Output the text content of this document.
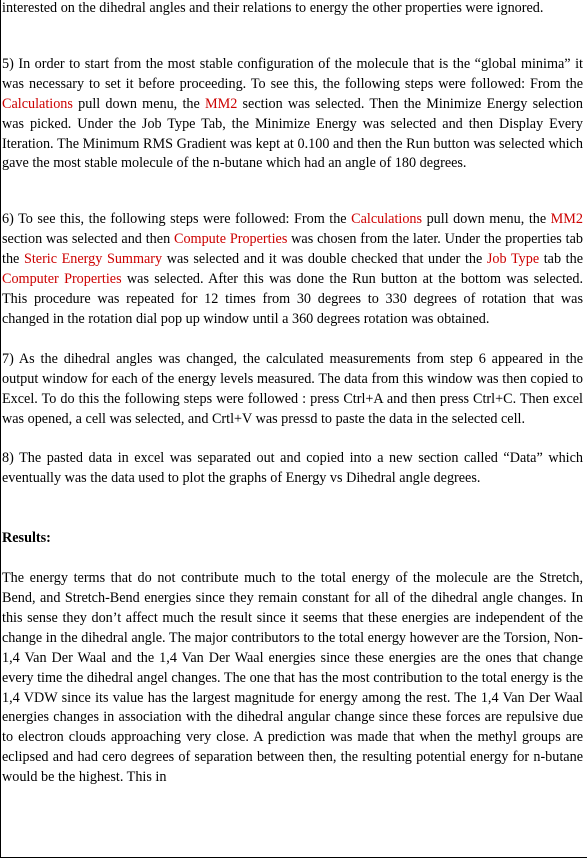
interested on the dihedral angles and their relations to energy the other properties were ignored.

5) In order to start from the most stable configuration of the molecule that is the “global minima” it was necessary to set it before proceeding. To see this, the following steps were followed: From the Calculations pull down menu, the MM2 section was selected. Then the Minimize Energy selection was picked. Under the Job Type Tab, the Minimize Energy was selected and then Display Every Iteration. The Minimum RMS Gradient was kept at 0.100 and then the Run button was selected which gave the most stable molecule of the n-butane which had an angle of 180 degrees.

6) To see this, the following steps were followed: From the Calculations pull down menu, the MM2 section was selected and then Compute Properties was chosen from the later. Under the properties tab the Steric Energy Summary was selected and it was double checked that under the Job Type tab the Computer Properties was selected. After this was done the Run button at the bottom was selected. This procedure was repeated for 12 times from 30 degrees to 330 degrees of rotation that was changed in the rotation dial pop up window until a 360 degrees rotation was obtained.

7) As the dihedral angles was changed, the calculated measurements from step 6 appeared in the output window for each of the energy levels measured. The data from this window was then copied to Excel. To do this the following steps were followed : press Ctrl+A and then press Ctrl+C. Then excel was opened, a cell was selected, and Crtl+V was pressd to paste the data in the selected cell.

8) The pasted data in excel was separated out and copied into a new section called “Data” which eventually was the data used to plot the graphs of Energy vs Dihedral angle degrees.

Results:

The energy terms that do not contribute much to the total energy of the molecule are the Stretch, Bend, and Stretch-Bend energies since they remain constant for all of the dihedral angle changes. In this sense they don’t affect much the result since it seems that these energies are independent of the change in the dihedral angle. The major contributors to the total energy however are the Torsion, Non-1,4 Van Der Waal and the 1,4 Van Der Waal energies since these energies are the ones that change every time the dihedral angel changes. The one that has the most contribution to the total energy is the 1,4 VDW since its value has the largest magnitude for energy among the rest. The 1,4 Van Der Waal energies changes in association with the dihedral angular change since these forces are repulsive due to electron clouds approaching very close. A prediction was made that when the methyl groups are eclipsed and had cero degrees of separation between then, the resulting potential energy for n-butane would be the highest. This in
